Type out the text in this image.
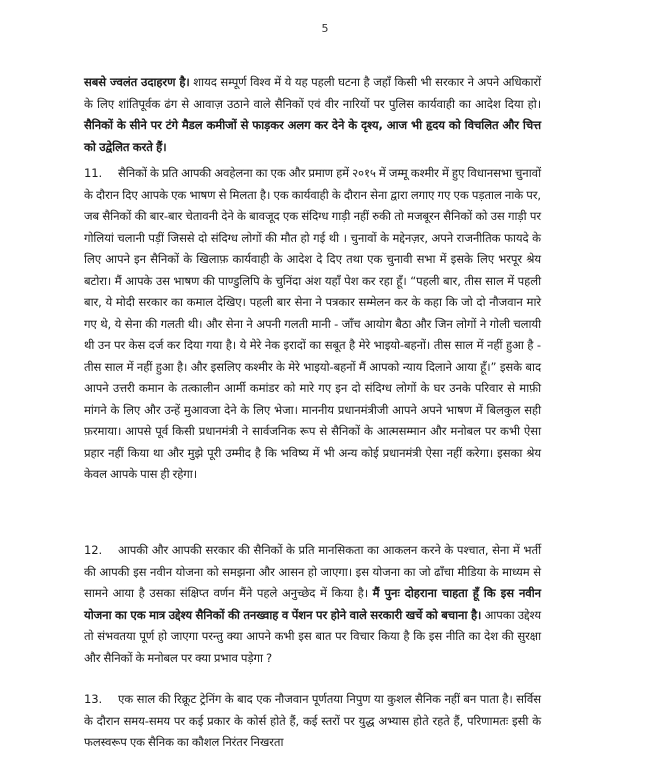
5

सबसे ज्वलंत उदाहरण है। शायद सम्पूर्ण विश्व में ये यह पहली घटना है जहाँ किसी भी सरकार ने अपने अधिकारों के लिए शांतिपूर्वक ढंग से आवाज़ उठाने वाले सैनिकों एवं वीर नारियों पर पुलिस कार्यवाही का आदेश दिया हो। सैनिकों के सीने पर टंगे मैडल कमीजों से फाड़कर अलग कर देने के दृश्य, आज भी हृदय को विचलित और चित्त को उद्वेलित करते हैं।

11. सैनिकों के प्रति आपकी अवहेलना का एक और प्रमाण हमें २०१५ में जम्मू कश्मीर में हुए विधानसभा चुनावों के दौरान दिए आपके एक भाषण से मिलता है। एक कार्यवाही के दौरान सेना द्वारा लगाए गए एक पड़ताल नाके पर, जब सैनिकों की बार-बार चेतावनी देने के बावजूद एक संदिग्ध गाड़ी नहीं रुकी तो मजबूरन सैनिकों को उस गाड़ी पर गोलियां चलानी पड़ीं जिससे दो संदिग्ध लोगों की मौत हो गई थी । चुनावों के मद्देनज़र, अपने राजनीतिक फायदे के लिए आपने इन सैनिकों के खिलाफ़ कार्यवाही के आदेश दे दिए तथा एक चुनावी सभा में इसके लिए भरपूर श्रेय बटोरा। मैं आपके उस भाषण की पाण्डुलिपि के चुनिंदा अंश यहाँ पेश कर रहा हूँ। “पहली बार, तीस साल में पहली बार, ये मोदी सरकार का कमाल देखिए। पहली बार सेना ने पत्रकार सम्मेलन कर के कहा कि जो दो नौजवान मारे गए थे, ये सेना की गलती थी। और सेना ने अपनी गलती मानी - जाँच आयोग बैठा और जिन लोगों ने गोली चलायी थी उन पर केस दर्ज कर दिया गया है। ये मेरे नेक इरादों का सबूत है मेरे भाइयो-बहनों। तीस साल में नहीं हुआ है - तीस साल में नहीं हुआ है। और इसलिए कश्मीर के मेरे भाइयो-बहनों मैं आपको न्याय दिलाने आया हूँ।” इसके बाद आपने उत्तरी कमान के तत्कालीन आर्मी कमांडर को मारे गए इन दो संदिग्ध लोगों के घर उनके परिवार से माफ़ी मांगने के लिए और उन्हें मुआवजा देने के लिए भेजा। माननीय प्रधानमंत्रीजी आपने अपने भाषण में बिलकुल सही फ़रमाया। आपसे पूर्व किसी प्रधानमंत्री ने सार्वजनिक रूप से सैनिकों के आत्मसम्मान और मनोबल पर कभी ऐसा प्रहार नहीं किया था और मुझे पूरी उम्मीद है कि भविष्य में भी अन्य कोई प्रधानमंत्री ऐसा नहीं करेगा। इसका श्रेय केवल आपके पास ही रहेगा।

12. आपकी और आपकी सरकार की सैनिकों के प्रति मानसिकता का आकलन करने के पश्चात, सेना में भर्ती की आपकी इस नवीन योजना को समझना और आसन हो जाएगा। इस योजना का जो ढाँचा मीडिया के माध्यम से सामने आया है उसका संक्षिप्त वर्णन मैंने पहले अनुच्छेद में किया है। मैं पुनः दोहराना चाहता हूँ कि इस नवीन योजना का एक मात्र उद्देश्य सैनिकों की तनख्वाह व पेंशन पर होने वाले सरकारी खर्चे को बचाना है। आपका उद्देश्य तो संभवतया पूर्ण हो जाएगा परन्तु क्या आपने कभी इस बात पर विचार किया है कि इस नीति का देश की सुरक्षा और सैनिकों के मनोबल पर क्या प्रभाव पड़ेगा ?

13. एक साल की रिक्रूट ट्रेनिंग के बाद एक नौजवान पूर्णतया निपुण या कुशल सैनिक नहीं बन पाता है। सर्विस के दौरान समय-समय पर कई प्रकार के कोर्स होते हैं, कई स्तरों पर युद्ध अभ्यास होते रहते हैं, परिणामतः इसी के फलस्वरूप एक सैनिक का कौशल निरंतर निखरता
